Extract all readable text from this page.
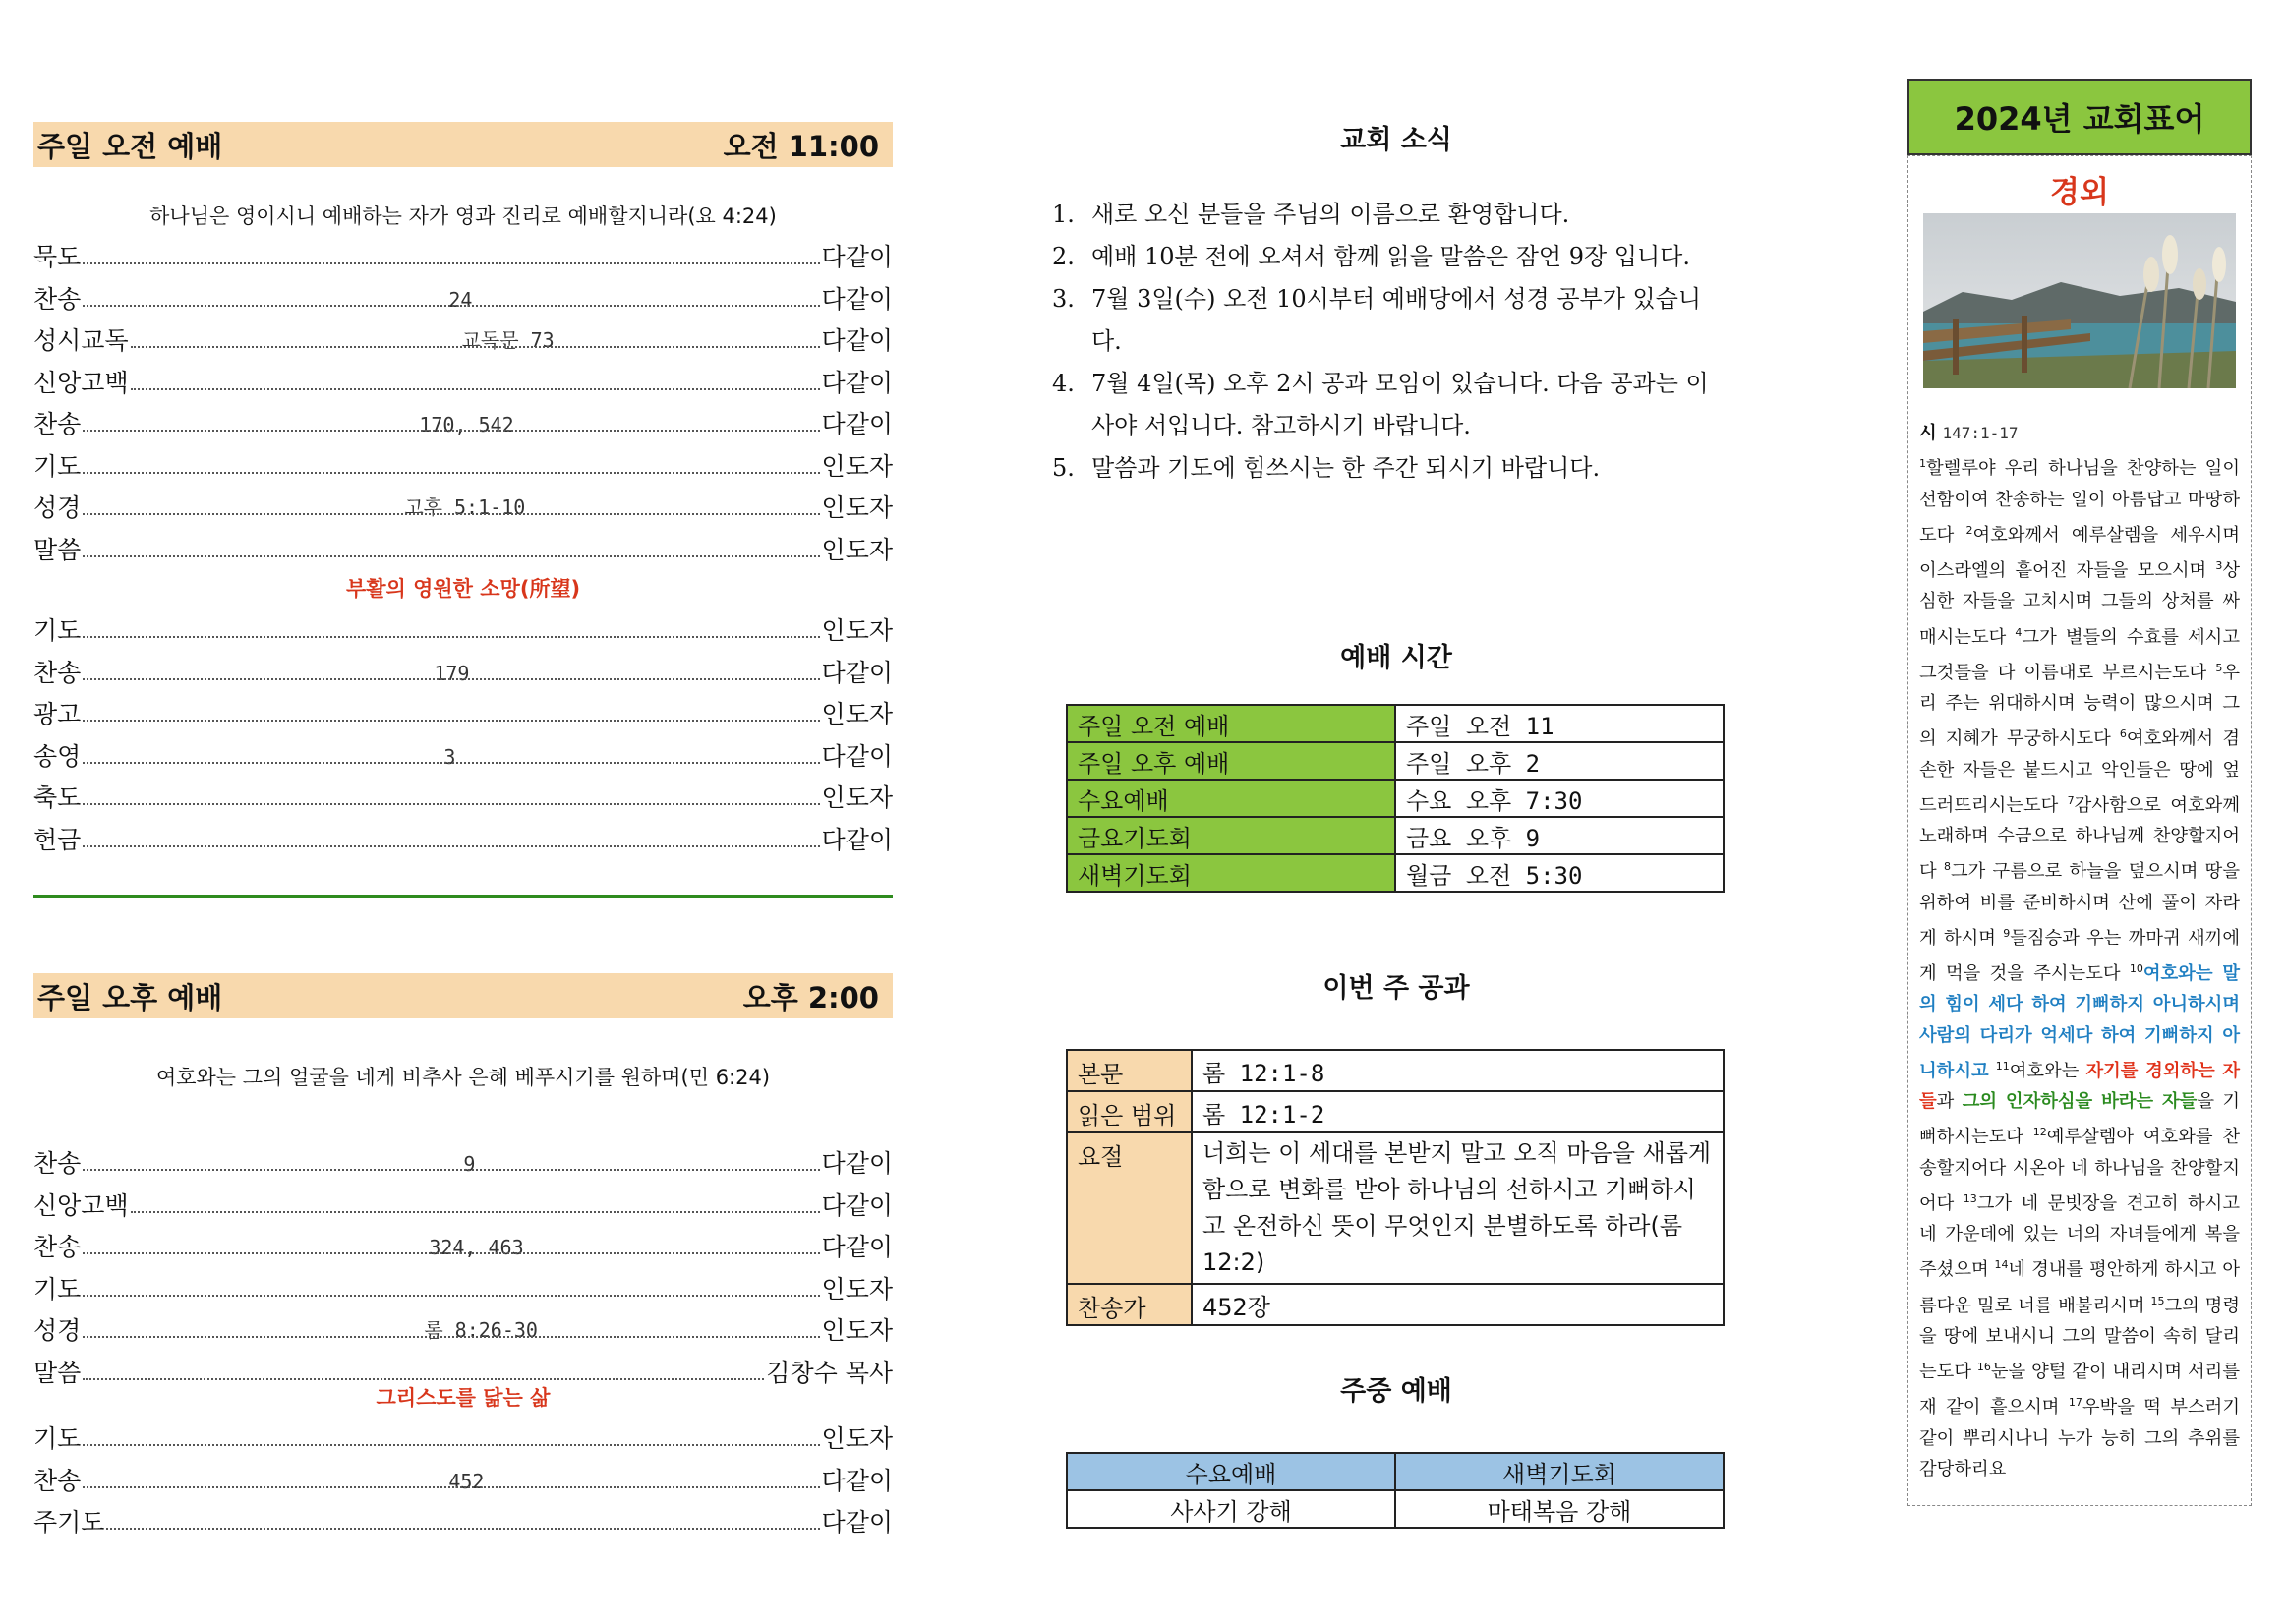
주일 오전 예배	오전 11:00
하나님은 영이시니 예배하는 자가 영과 진리로 예배할지니라(요 4:24)
묵도	다같이
찬송	24	다같이
성시교독	교독문 73	다같이
신앙고백	다같이
찬송	170, 542	다같이
기도	인도자
성경	고후 5:1-10	인도자
말씀	인도자
부활의 영원한 소망(所望)
기도	인도자
찬송	179	다같이
광고	인도자
송영	3	다같이
축도	인도자
헌금	다같이
주일 오후 예배	오후 2:00
여호와는 그의 얼굴을 네게 비추사 은혜 베푸시기를 원하며(민 6:24)
찬송	9	다같이
신앙고백	다같이
찬송	324, 463	다같이
기도	인도자
성경	롬 8:26-30	인도자
말씀	김창수 목사
그리스도를 닮는 삶
기도	인도자
찬송	452	다같이
주기도	다같이
교회 소식
1. 새로 오신 분들을 주님의 이름으로 환영합니다.
2. 예배 10분 전에 오셔서 함께 읽을 말씀은 잠언 9장 입니다.
3. 7월 3일(수) 오전 10시부터 예배당에서 성경 공부가 있습니다.
4. 7월 4일(목) 오후 2시 공과 모임이 있습니다. 다음 공과는 이사야 서입니다. 참고하시기 바랍니다.
5. 말씀과 기도에 힘쓰시는 한 주간 되시기 바랍니다.
예배 시간
주일 오전 예배	주일 오전 11
주일 오후 예배	주일 오후 2
수요예배	수요 오후 7:30
금요기도회	금요 오후 9
새벽기도회	월금 오전 5:30
이번 주 공과
본문	롬 12:1-8
읽은 범위	롬 12:1-2
요절	너희는 이 세대를 본받지 말고 오직 마음을 새롭게 함으로 변화를 받아 하나님의 선하시고 기뻐하시고 온전하신 뜻이 무엇인지 분별하도록 하라(롬 12:2)
찬송가	452장
주중 예배
수요예배	새벽기도회
사사기 강해	마태복음 강해
2024년 교회표어
경외
시 147:1-17
$^1$할렐루야 우리 하나님을 찬양하는 일이 선함이여 찬송하는 일이 아름답고 마땅하도다 $^2$여호와께서 예루살렘을 세우시며 이스라엘의 흩어진 자들을 모으시며 $^3$상심한 자들을 고치시며 그들의 상처를 싸매시는도다 $^4$그가 별들의 수효를 세시고 그것들을 다 이름대로 부르시는도다 $^5$우리 주는 위대하시며 능력이 많으시며 그의 지혜가 무궁하시도다 $^6$여호와께서 겸손한 자들은 붙드시고 악인들은 땅에 엎드러뜨리시는도다 $^7$감사함으로 여호와께 노래하며 수금으로 하나님께 찬양할지어다 $^8$그가 구름으로 하늘을 덮으시며 땅을 위하여 비를 준비하시며 산에 풀이 자라게 하시며 $^9$들짐승과 우는 까마귀 새끼에게 먹을 것을 주시는도다 $^{10}$여호와는 말의 힘이 세다 하여 기뻐하지 아니하시며 사람의 다리가 억세다 하여 기뻐하지 아니하시고 $^{11}$여호와는 자기를 경외하는 자들과 그의 인자하심을 바라는 자들을 기뻐하시는도다 $^{12}$예루살렘아 여호와를 찬송할지어다 시온아 네 하나님을 찬양할지어다 $^{13}$그가 네 문빗장을 견고히 하시고 네 가운데에 있는 너의 자녀들에게 복을 주셨으며 $^{14}$네 경내를 평안하게 하시고 아름다운 밀로 너를 배불리시며 $^{15}$그의 명령을 땅에 보내시니 그의 말씀이 속히 달리는도다 $^{16}$눈을 양털 같이 내리시며 서리를 재 같이 흩으시며 $^{17}$우박을 떡 부스러기 같이 뿌리시나니 누가 능히 그의 추위를 감당하리요
